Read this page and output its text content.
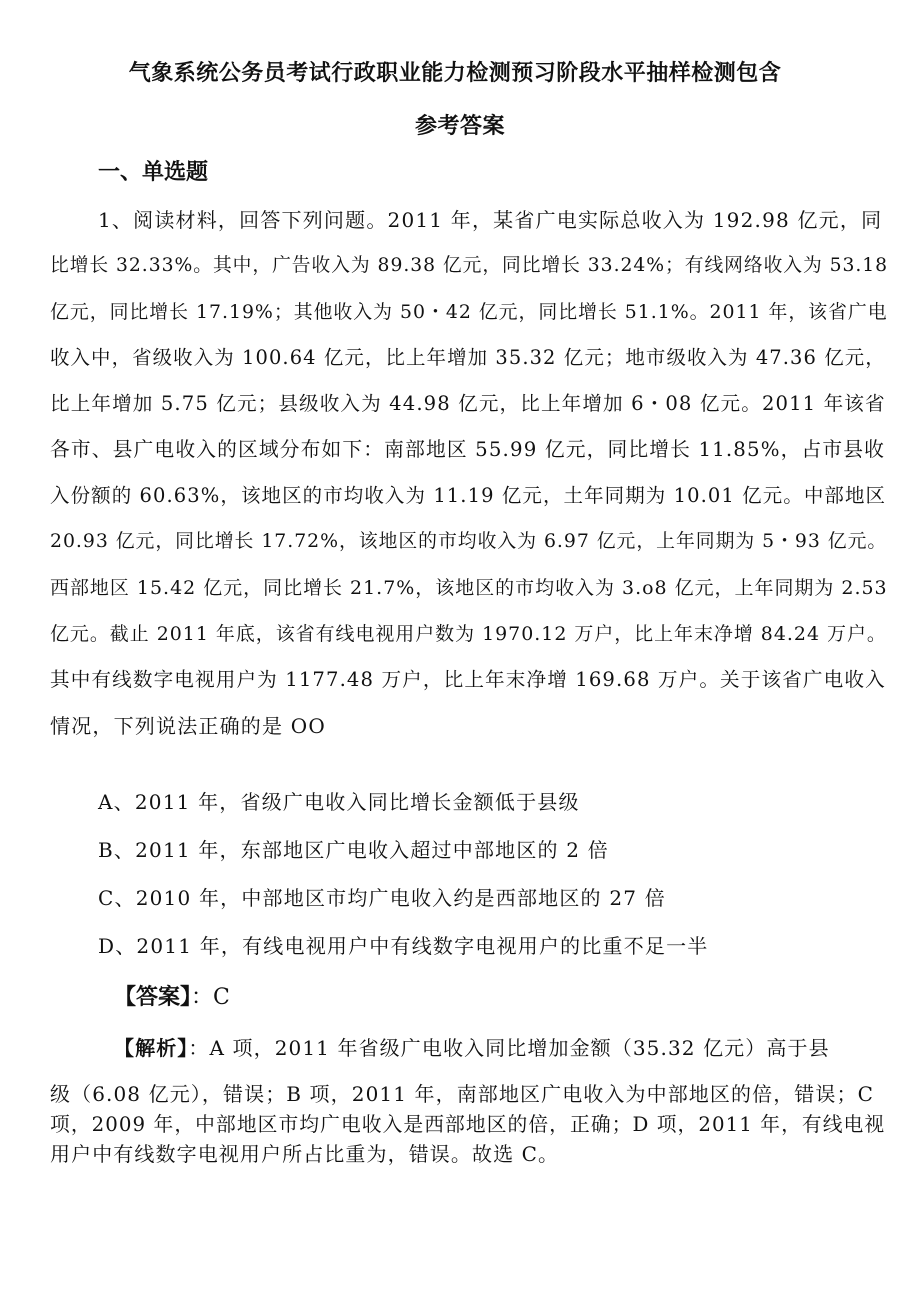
气象系统公务员考试行政职业能力检测预习阶段水平抽样检测包含
参考答案
一、单选题
1、阅读材料，回答下列问题。2011 年，某省广电实际总收入为 192.98 亿元，同
比增长 32.33%。其中，广告收入为 89.38 亿元，同比增长 33.24%；有线网络收入为 53.18
亿元，同比增长 17.19%；其他收入为 50・42 亿元，同比增长 51.1%。2011 年，该省广电
收入中，省级收入为 100.64 亿元，比上年增加 35.32 亿元；地市级收入为 47.36 亿元，
比上年增加 5.75 亿元；县级收入为 44.98 亿元，比上年增加 6・08 亿元。2011 年该省
各市、县广电收入的区域分布如下：南部地区 55.99 亿元，同比增长 11.85%，占市县收
入份额的 60.63%，该地区的市均收入为 11.19 亿元，土年同期为 10.01 亿元。中部地区
20.93 亿元，同比增长 17.72%，该地区的市均收入为 6.97 亿元，上年同期为 5・93 亿元。
西部地区 15.42 亿元，同比增长 21.7%，该地区的市均收入为 3.o8 亿元，上年同期为 2.53
亿元。截止 2011 年底，该省有线电视用户数为 1970.12 万户，比上年末净增 84.24 万户。
其中有线数字电视用户为 1177.48 万户，比上年末净增 169.68 万户。关于该省广电收入
情况，下列说法正确的是 OO
A、2011 年，省级广电收入同比增长金额低于县级
B、2011 年，东部地区广电收入超过中部地区的 2 倍
C、2010 年，中部地区市均广电收入约是西部地区的 27 倍
D、2011 年，有线电视用户中有线数字电视用户的比重不足一半
【答案】：C
【解析】：A 项，2011 年省级广电收入同比增加金额（35.32 亿元）高于县
级（6.08 亿元），错误；B 项，2011 年，南部地区广电收入为中部地区的倍，错误；C
项，2009 年，中部地区市均广电收入是西部地区的倍，正确；D 项，2011 年，有线电视
用户中有线数字电视用户所占比重为，错误。故选 C。
